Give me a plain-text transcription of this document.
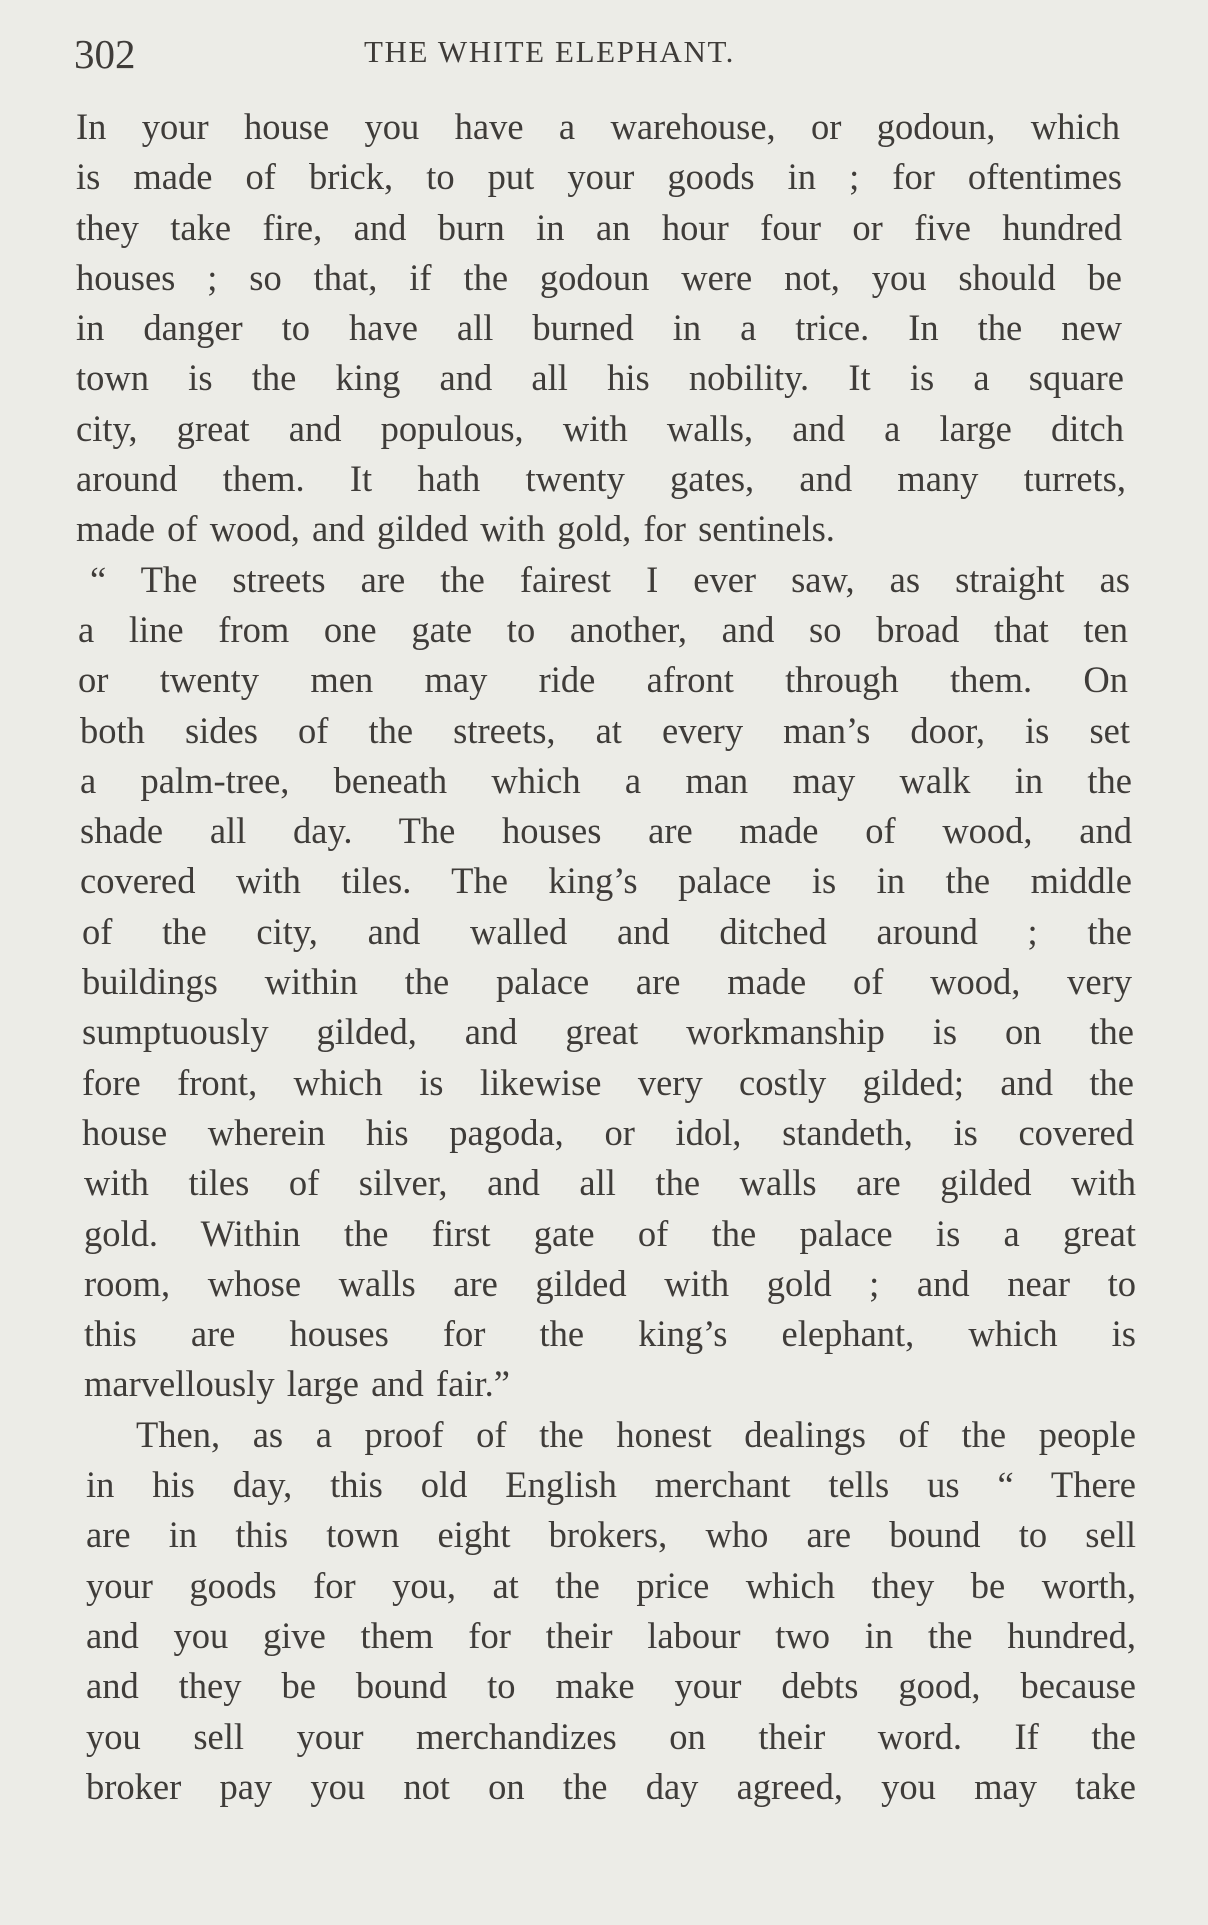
302	THE WHITE ELEPHANT.
In your house you have a warehouse, or godoun, which
is made of brick, to put your goods in ; for oftentimes
they take fire, and burn in an hour four or five hundred
houses ; so that, if the godoun were not, you should be
in danger to have all burned in a trice. In the new
town is the king and all his nobility. It is a square
city, great and populous, with walls, and a large ditch
around them. It hath twenty gates, and many turrets,
made of wood, and gilded with gold, for sentinels.
“ The streets are the fairest I ever saw, as straight as
a line from one gate to another, and so broad that ten
or twenty men may ride afront through them. On
both sides of the streets, at every man’s door, is set
a palm-tree, beneath which a man may walk in the
shade all day. The houses are made of wood, and
covered with tiles. The king’s palace is in the middle
of the city, and walled and ditched around ; the
buildings within the palace are made of wood, very
sumptuously gilded, and great workmanship is on the
fore front, which is likewise very costly gilded; and the
house wherein his pagoda, or idol, standeth, is covered
with tiles of silver, and all the walls are gilded with
gold. Within the first gate of the palace is a great
room, whose walls are gilded with gold ; and near to
this are houses for the king’s elephant, which is
marvellously large and fair.”
Then, as a proof of the honest dealings of the people
in his day, this old English merchant tells us “ There
are in this town eight brokers, who are bound to sell
your goods for you, at the price which they be worth,
and you give them for their labour two in the hundred,
and they be bound to make your debts good, because
you sell your merchandizes on their word. If the
broker pay you not on the day agreed, you may take
